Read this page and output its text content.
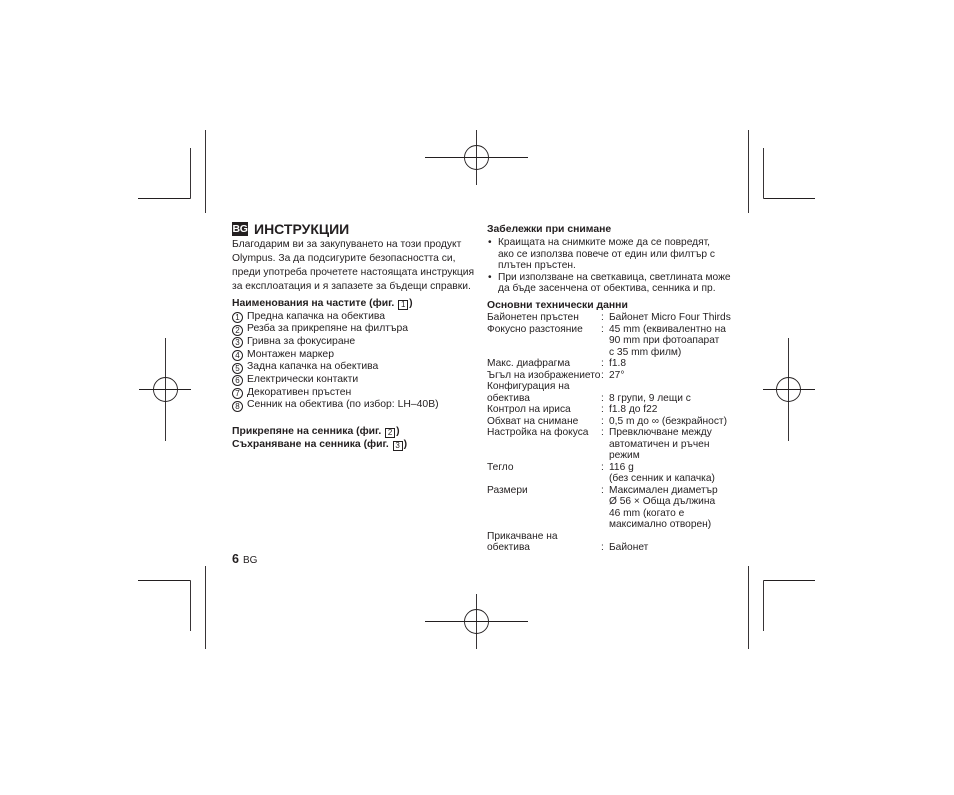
BG ИНСТРУКЦИИ
Благодарим ви за закупуването на този продукт
Olympus. За да подсигурите безопасността си,
преди употреба прочетете настоящата инструкция
за експлоатация и я запазете за бъдещи справки.
Наименования на частите (фиг. 1 )
1 Предна капачка на обектива
2 Резба за прикрепяне на филтъра
3 Гривна за фокусиране
4 Монтажен маркер
5 Задна капачка на обектива
6 Електрически контакти
7 Декоративен пръстен
8 Сенник на обектива (по избор: LH–40B)
Прикрепяне на сенника (фиг. 2 )
Съхраняване на сенника (фиг. 3 )
6 BG
Забележки при снимане
• Краищата на снимките може да се повредят,
ако се използва повече от един или филтър с
плътен пръстен.
• При използване на светкавица, светлината може
да бъде засенчена от обектива, сенника и пр.
Основни технически данни
Байонетен пръстен	: Байонет Micro Four Thirds
Фокусно разстояние	: 45 mm (еквивалентно на
90 mm при фотоапарат
с 35 mm филм)
Макс. диафрагма	: f1.8
Ъгъл на изображението : 27°
Конфигурация на
обектива	: 8 групи, 9 лещи с
Контрол на ириса	: f1.8 до f22
Обхват на снимане	: 0,5 m до ∞ (безкрайност)
Настройка на фокуса	: Превключване между
автоматичен и ръчен
режим
Тегло	: 116 g
(без сенник и капачка)
Размери	: Максимален диаметър
Ø 56 × Обща дължина
46 mm (когато е
максимално отворен)
Прикачване на
обектива	: Байонет
